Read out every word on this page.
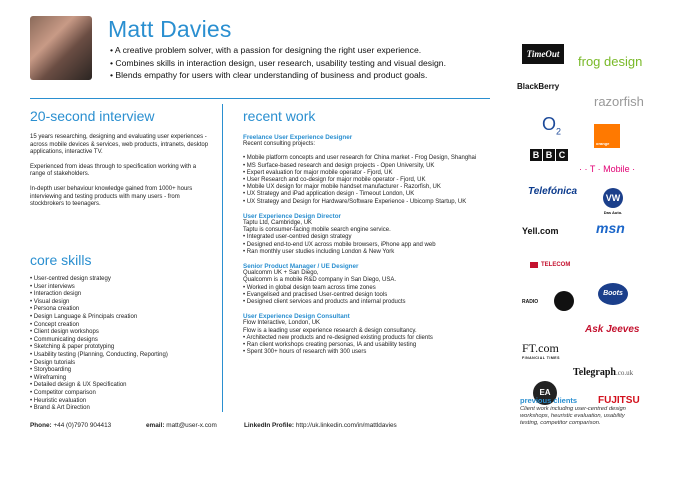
Matt Davies
• A creative problem solver, with a passion for designing the right user experience.
• Combines skills in interaction design, user research, usability testing and visual design.
• Blends empathy for users with clear understanding of business and product goals.
20-second interview

15 years researching, designing and evaluating user experiences - across mobile devices & services, web products, intranets, desktop applications, interactive TV.

Experienced from ideas through to specification working with a range of stakeholders.

In-depth user behaviour knowledge gained from 1000+ hours interviewing and testing products with many users - from stockbrokers to teenagers.

core skills
• User-centred design strategy
• User interviews
• Interaction design
• Visual design
• Persona creation
• Design Language & Principals creation
• Concept creation
• Client design workshops
• Communicating designs
• Sketching & paper prototyping
• Usability testing (Planning, Conducting, Reporting)
• Design tutorials
• Storyboarding
• Wireframing
• Detailed design & UX Specification
• Competitor comparison
• Heuristic evaluation
• Brand & Art Direction
recent work
Freelance User Experience Designer
Recent consulting projects:
• Mobile platform concepts and user research for China market - Frog Design, Shanghai
• MS Surface-based research and design projects - Open University, UK
• Expert evaluation for major mobile operator - Fjord, UK
• User Research and co-design for major mobile operator - Fjord, UK
• Mobile UX design for major mobile handset manufacturer - Razorfish, UK
• UX Strategy and iPad application design - Timeout London, UK
• UX Strategy and Design for Hardware/Software Experience - Ubicomp Startup, UK
User Experience Design Director
Taptu Ltd, Cambridge, UK
Taptu is consumer-facing mobile search engine service.
• Integrated user-centred design strategy
• Designed end-to-end UX across mobile browsers, iPhone app and web
• Ran monthly user studies including London & New York
Senior Product Manager / UE Designer
Qualcomm UK + San Diego,
Qualcomm is a mobile R&D company in San Diego, USA.
• Worked in global design team across time zones
• Evangelised and practised User-centred design tools
• Designed client services and products and internal products
User Experience Design Consultant
Flow Interactive, London, UK
Flow is a leading user experience research & design consultancy.
• Architected new products and re-designed existing products for clients
• Ran client workshops creating personas, IA and usability testing
• Spent 300+ hours of research with 300 users
Phone: +44 (0)7970 904413	email: matt@user-x.com	LinkedIn Profile: http://uk.linkedin.com/in/mattldavies
TimeOut	frog design
BlackBerry
razorfish
$O_2$
orange
B B C
· · T · Mobile ·
Telefónica
VW
Das Auto.
Yell.com	msn
TELECOM
Boots
RADIO
FT.com
FINANCIAL TIMES
Ask Jeeves
Telegraph.co.uk
EA
FUJITSU
previous clients
Client work including user-centred design workshops, heuristic evaluation, usability testing, competitor comparison.
